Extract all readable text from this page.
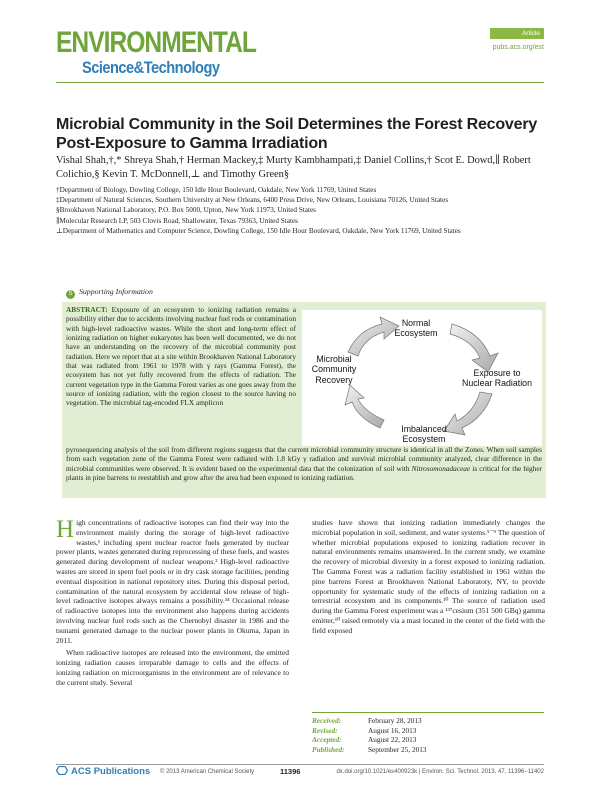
ENVIRONMENTAL
Science&Technology
Article
pubs.acs.org/est
Microbial Community in the Soil Determines the Forest Recovery Post-Exposure to Gamma Irradiation
Vishal Shah,†,* Shreya Shah,† Herman Mackey,‡ Murty Kambhampati,‡ Daniel Collins,† Scot E. Dowd,∥ Robert Colichio,§ Kevin T. McDonnell,⊥ and Timothy Green§

†Department of Biology, Dowling College, 150 Idle Hour Boulevard, Oakdale, New York 11769, United States

‡Department of Natural Sciences, Southern University at New Orleans, 6400 Press Drive, New Orleans, Louisiana 70126, United States

§Brookhaven National Laboratory, P.O. Box 5000, Upton, New York 11973, United States

∥Molecular Research LP, 503 Clovis Road, Shallowater, Texas 79363, United States

⊥Department of Mathematics and Computer Science, Dowling College, 150 Idle Hour Boulevard, Oakdale, New York 11769, United States

S Supporting Information
ABSTRACT: Exposure of an ecosystem to ionizing radiation remains a possibility either due to accidents involving nuclear fuel rods or contamination with high-level radioactive wastes. While the short and long-term effect of ionizing radiation on higher eukaryotes has been well documented, we do not have an understanding on the recovery of the microbial community post radiation. Here we report that at a site within Brookhaven National Laboratory that was radiated from 1961 to 1978 with γ rays (Gamma Forest), the ecosystem has not yet fully recovered from the effects of radiation. The current vegetation type in the Gamma Forest varies as one goes away from the source of ionizing radiation, with the region closest to the source having no vegetation. The microbial tag-encoded FLX amplicon
Normal
Ecosystem
Exposure to
Nuclear Radiation
Imbalanced
Ecosystem
Microbial
Community
Recovery
pyrosequencing analysis of the soil from different regions suggests that the current microbial community structure is identical in all the Zones. When soil samples from each vegetation zone of the Gamma Forest were radiated with 1.8 kGy γ radiation and survival microbial community analyzed, clear difference in the microbial communities were observed. It is evident based on the experimental data that the colonization of soil with Nitrosomonadaceae is critical for the higher plants in pine barrens to reestablish and grow after the area had been exposed to ionizing radiation.

High concentrations of radioactive isotopes can find their way into the environment mainly during the storage of high-level radioactive wastes,¹ including spent nuclear reactor fuels generated by nuclear power plants, wastes generated during reprocessing of these fuels, and wastes generated during development of nuclear weapons.² High-level radioactive wastes are stored in spent fuel pools or in dry cask storage facilities, pending eventual disposition in national repository sites. During this disposal period, contamination of the natural ecosystem by accidental slow release of high-level radioactive isotopes always remains a possibility.³⁴ Occasional release of radioactive isotopes into the environment also happens during accidents involving nuclear fuel rods such as the Chernobyl disaster in 1986 and the tsunami generated damage to the nuclear power plants in Okuma, Japan in 2011.

When radioactive isotopes are released into the environment, the emitted ionizing radiation causes irreparable damage to cells and the effects of ionizing radiation on microorganisms in the environment are of relevance to the current study. Several

studies have shown that ionizing radiation immediately changes the microbial population in soil, sediment, and water systems.⁵⁻⁹ The question of whether microbial populations exposed to ionizing radiation recover in natural environments remains unanswered. In the current study, we examine the recovery of microbial diversity in a forest exposed to ionizing radiation. The Gamma Forest was a radiation facility established in 1961 within the pine barrens Forest at Brookhaven National Laboratory, NY, to provide opportunity for systematic study of the effects of ionizing radiation on a terrestrial ecosystem and its components.¹⁰ The source of radiation used during the Gamma Forest experiment was a ¹³⁷cesium (351 500 GBq) gamma emitter,¹⁰ raised remotely via a mast located in the center of the field with the field exposed

Received:	February 28, 2013
Revised:	August 16, 2013
Accepted:	August 22, 2013
Published:	September 25, 2013
ACS Publications © 2013 American Chemical Society	11396	dx.doi.org/10.1021/es400923k | Environ. Sci. Technol. 2013, 47, 11396−11402
